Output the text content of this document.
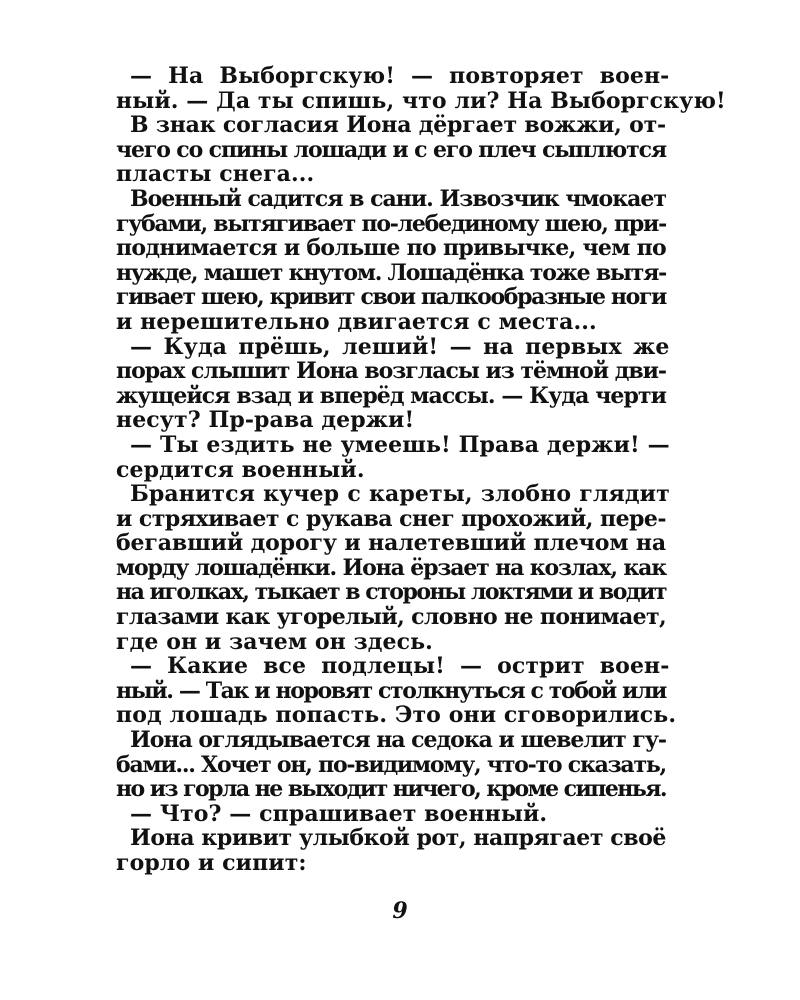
— На Выборгскую! — повторяет воен-
ный. — Да ты спишь, что ли? На Выборгскую!

В знак согласия Иона дёргает вожжи, от-
чего со спины лошади и с его плеч сыплются
пласты снега...

Военный садится в сани. Извозчик чмокает
губами, вытягивает по-лебединому шею, при-
поднимается и больше по привычке, чем по
нужде, машет кнутом. Лошадёнка тоже вытя-
гивает шею, кривит свои палкообразные ноги
и нерешительно двигается с места...

— Куда прёшь, леший! — на первых же
порах слышит Иона возгласы из тёмной дви-
жущейся взад и вперёд массы. — Куда черти
несут? Пр-рава держи!

— Ты ездить не умеешь! Права держи! —
сердится военный.

Бранится кучер с кареты, злобно глядит
и стряхивает с рукава снег прохожий, пере-
бегавший дорогу и налетевший плечом на
морду лошадёнки. Иона ёрзает на козлах, как
на иголках, тыкает в стороны локтями и водит
глазами как угорелый, словно не понимает,
где он и зачем он здесь.

— Какие все подлецы! — острит воен-
ный. — Так и норовят столкнуться с тобой или
под лошадь попасть. Это они сговорились.

Иона оглядывается на седока и шевелит гу-
бами... Хочет он, по-видимому, что-то сказать,
но из горла не выходит ничего, кроме сипенья.

— Что? — спрашивает военный.

Иона кривит улыбкой рот, напрягает своё
горло и сипит:

9
